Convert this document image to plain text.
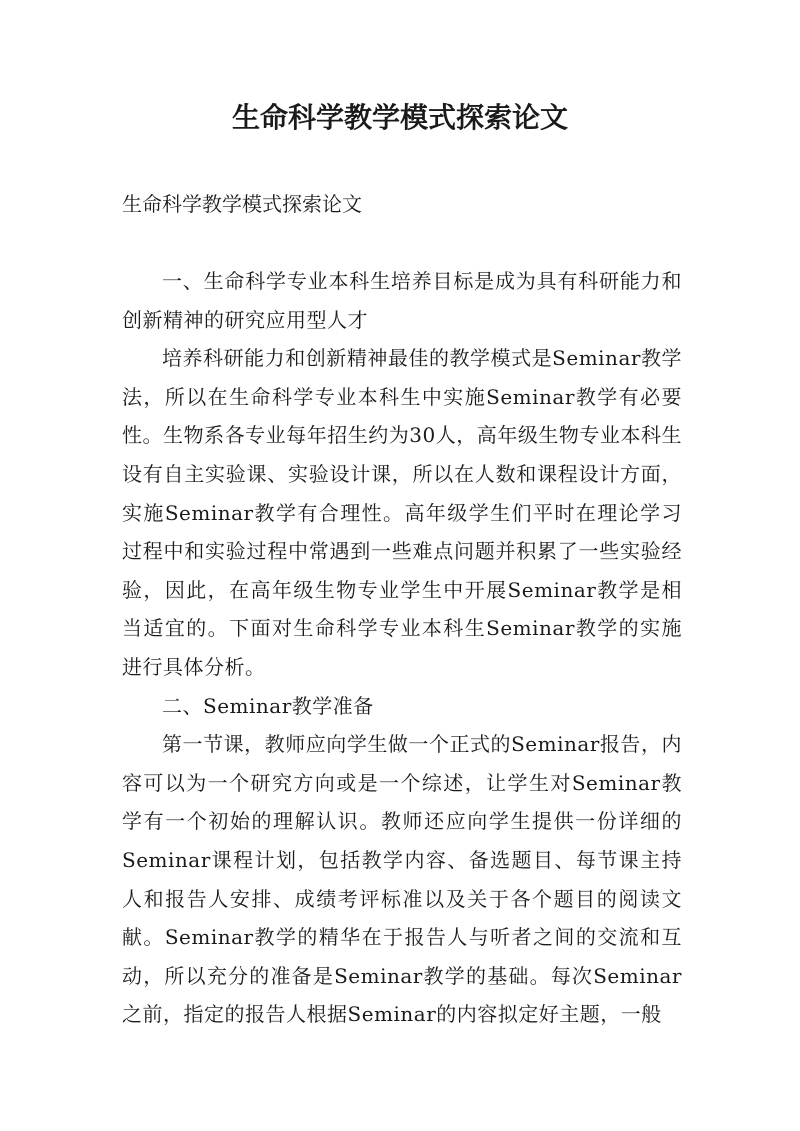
生命科学教学模式探索论文

生命科学教学模式探索论文

一、生命科学专业本科生培养目标是成为具有科研能力和创新精神的研究应用型人才

培养科研能力和创新精神最佳的教学模式是Seminar教学法，所以在生命科学专业本科生中实施Seminar教学有必要性。生物系各专业每年招生约为30人，高年级生物专业本科生设有自主实验课、实验设计课，所以在人数和课程设计方面，实施Seminar教学有合理性。高年级学生们平时在理论学习过程中和实验过程中常遇到一些难点问题并积累了一些实验经验，因此，在高年级生物专业学生中开展Seminar教学是相当适宜的。下面对生命科学专业本科生Seminar教学的实施进行具体分析。

二、Seminar教学准备

第一节课，教师应向学生做一个正式的Seminar报告，内容可以为一个研究方向或是一个综述，让学生对Seminar教学有一个初始的理解认识。教师还应向学生提供一份详细的Seminar课程计划，包括教学内容、备选题目、每节课主持人和报告人安排、成绩考评标准以及关于各个题目的阅读文献。Seminar教学的精华在于报告人与听者之间的交流和互动，所以充分的准备是Seminar教学的基础。每次Seminar之前，指定的报告人根据Seminar的内容拟定好主题，一般
